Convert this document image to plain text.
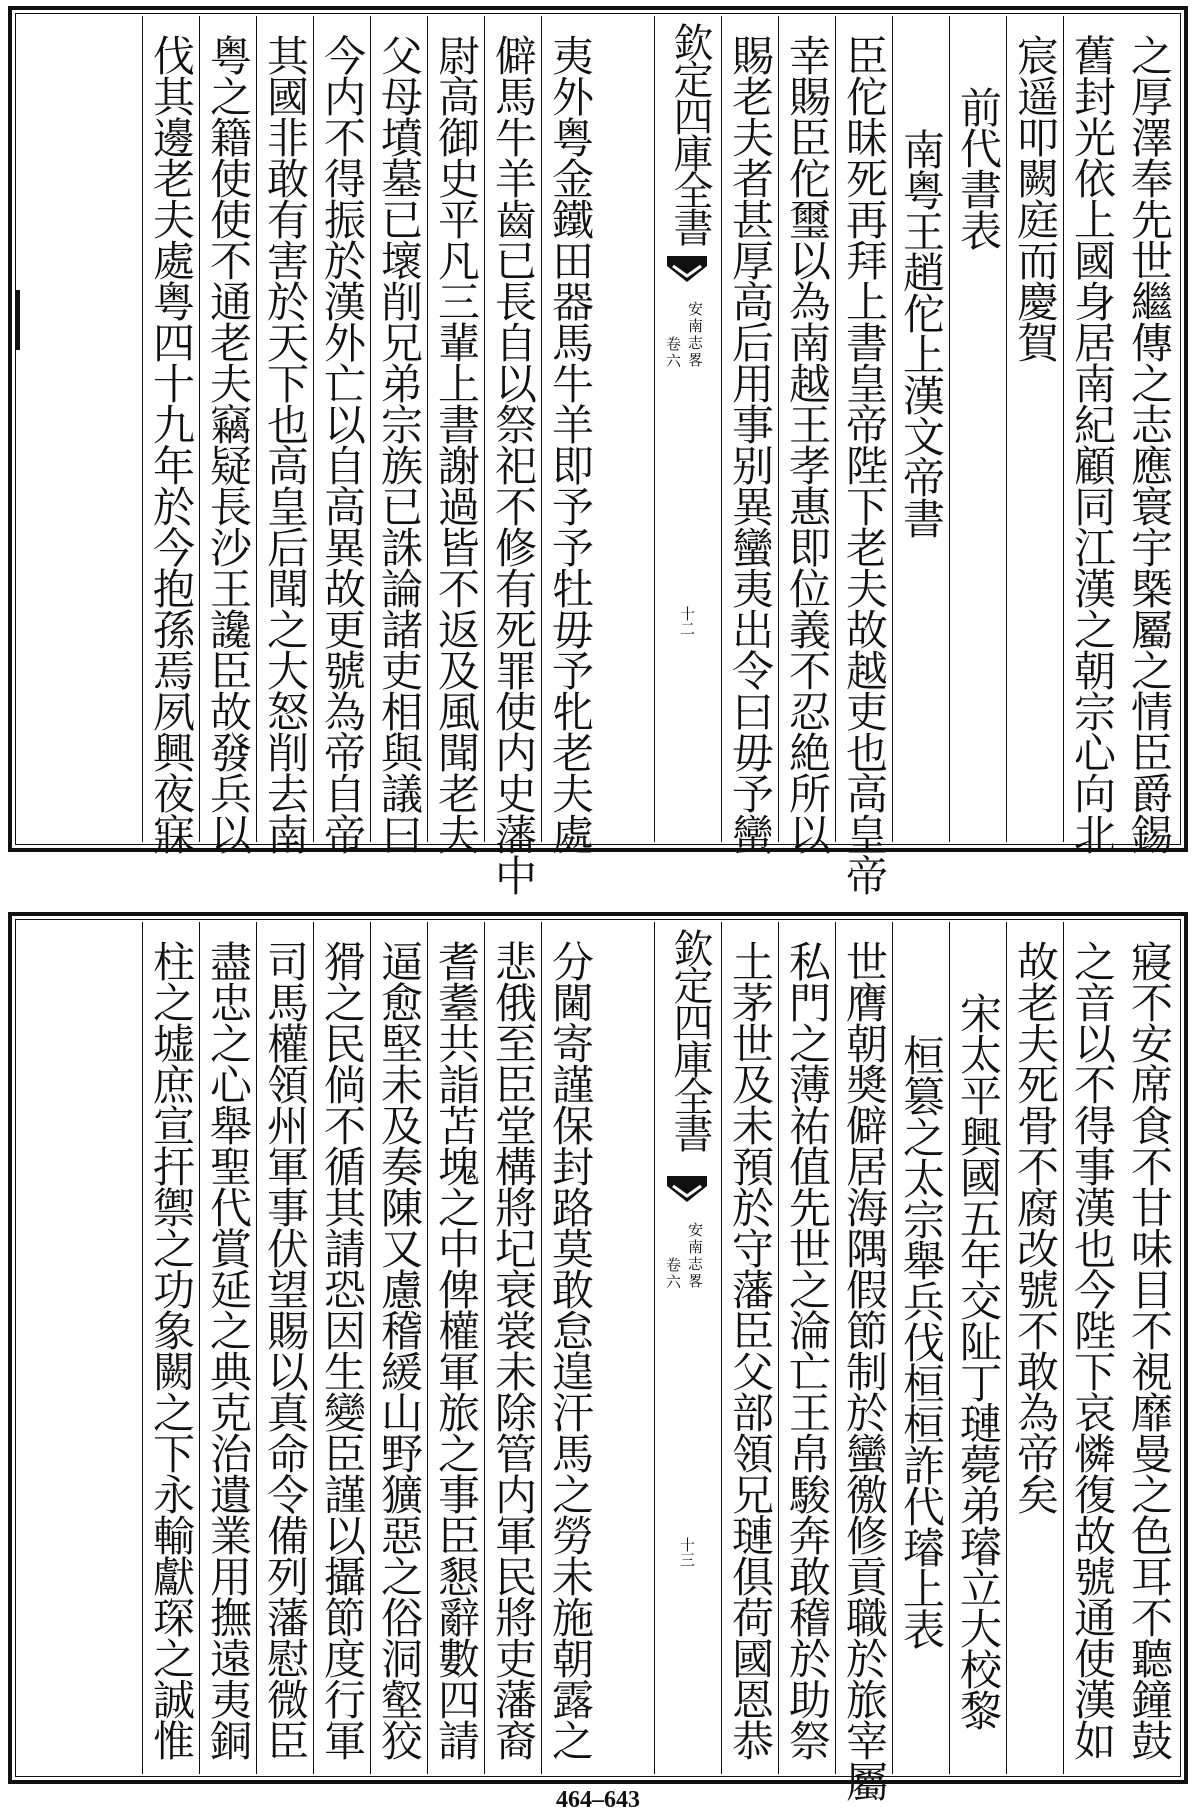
之厚澤奉先世繼傳之志應寰宇槩屬之情臣爵錫
舊封光依上國身居南紀顧同江漢之朝宗心向北
宸遥叩闕庭而慶賀
前代書表
南粤王趙佗上漢文帝書
臣佗昧死再拜上書皇帝陛下老夫故越吏也高皇帝
幸賜臣佗璽以為南越王孝惠即位義不忍絶所以
賜老夫者甚厚高后用事别異蠻夷出令曰毋予蠻
欽定四庫全書
安南志畧
卷六
十二
夷外粤金鐵田器馬牛羊即予予牡毋予牝老夫處
僻馬牛羊齒已長自以祭祀不修有死罪使内史藩中
尉高御史平凡三輩上書謝過皆不返及風聞老夫
父母墳墓已壞削兄弟宗族已誅論諸吏相與議曰
今内不得振於漢外亡以自高異故更號為帝自帝
其國非敢有害於天下也高皇后聞之大怒削去南
粤之籍使使不通老夫竊疑長沙王讒臣故發兵以
伐其邊老夫處粤四十九年於今抱孫焉夙興夜寐
寢不安席食不甘味目不視靡曼之色耳不聽鐘鼓
之音以不得事漢也今陛下哀憐復故號通使漢如
故老夫死骨不腐改號不敢為帝矣
宋太平興國五年交阯丁璉薨弟璿立大校黎
桓篡之太宗舉兵伐桓桓詐代璿上表
世膺朝奬僻居海隅假節制於蠻徼修貢職於旅宰屬
私門之薄祐值先世之淪亡王帛駿奔敢稽於助祭
土茅世及未預於守藩臣父部領兄璉俱荷國恩恭
欽定四庫全書
安南志畧
卷六
十三
分閫寄謹保封路莫敢怠遑汗馬之勞未施朝露之
悲俄至臣堂構將圮衰裳未除管内軍民將吏藩裔
耆耋共詣苫塊之中俾權軍旅之事臣懇辭數四請
逼愈堅未及奏陳又慮稽緩山野獷惡之俗洞壑狡
猾之民倘不循其請恐因生變臣謹以攝節度行軍
司馬權領州軍事伏望賜以真命令備列藩慰微臣
盡忠之心舉聖代賞延之典克治遺業用撫遠夷銅
柱之墟庶宣扞禦之功象闕之下永輸獻琛之誠惟
464–643
